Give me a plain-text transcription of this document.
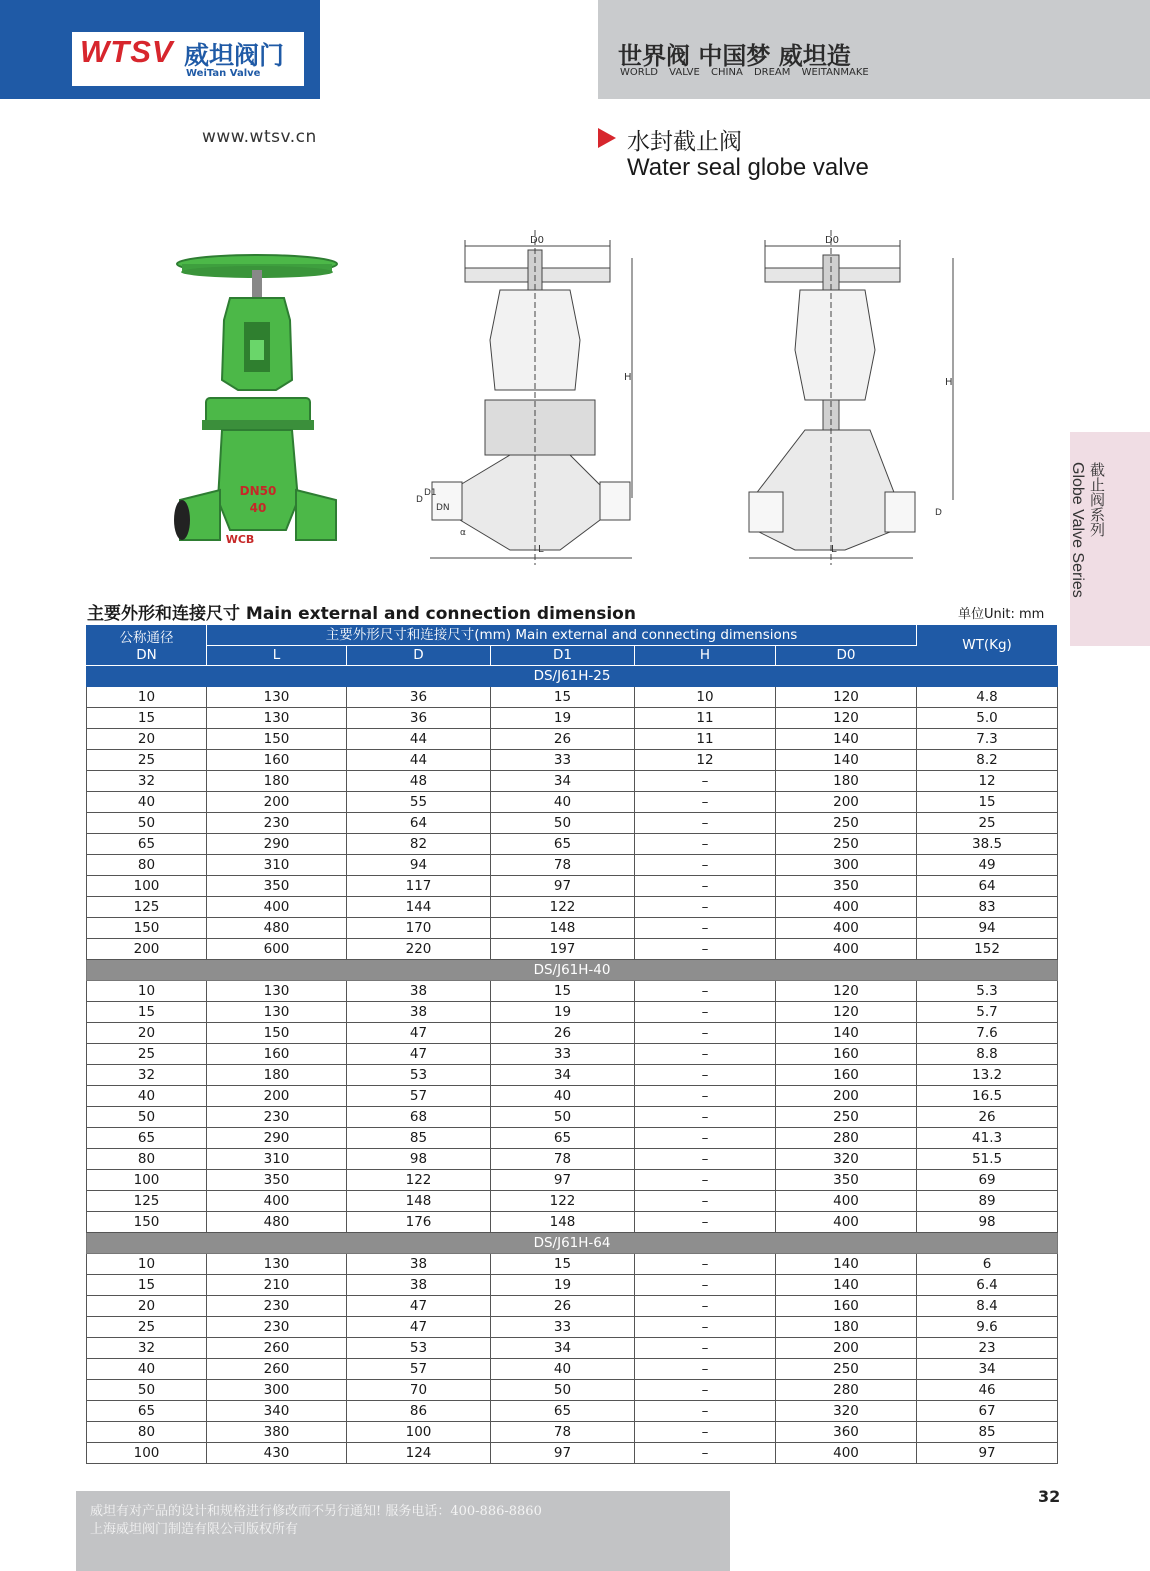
WTSV 威坦阀门
WeiTan Valve
世界阀 中国梦 威坦造
WORLD VALVE CHINA DREAM WEITANMAKE
www.wtsv.cn	水封截止阀
Water seal globe valve
截止阀系列
Globe Valve Series
DN50
40
WCB
D0
H
L
D
D1
DN
α
D0
H
L
D
主要外形和连接尺寸 Main external and connection dimension	单位Unit: mm
公称通径
DN	主要外形尺寸和连接尺寸(mm) Main external and connecting dimensions					WT(Kg)
	L	D	D1	H	D0	
DS/J61H-25						
10	130	36	15	10	120	4.8
15	130	36	19	11	120	5.0
20	150	44	26	11	140	7.3
25	160	44	33	12	140	8.2
32	180	48	34	–	180	12
40	200	55	40	–	200	15
50	230	64	50	–	250	25
65	290	82	65	–	250	38.5
80	310	94	78	–	300	49
100	350	117	97	–	350	64
125	400	144	122	–	400	83
150	480	170	148	–	400	94
200	600	220	197	–	400	152
DS/J61H-40						
10	130	38	15	–	120	5.3
15	130	38	19	–	120	5.7
20	150	47	26	–	140	7.6
25	160	47	33	–	160	8.8
32	180	53	34	–	160	13.2
40	200	57	40	–	200	16.5
50	230	68	50	–	250	26
65	290	85	65	–	280	41.3
80	310	98	78	–	320	51.5
100	350	122	97	–	350	69
125	400	148	122	–	400	89
150	480	176	148	–	400	98
DS/J61H-64						
10	130	38	15	–	140	6
15	210	38	19	–	140	6.4
20	230	47	26	–	160	8.4
25	230	47	33	–	180	9.6
32	260	53	34	–	200	23
40	260	57	40	–	250	34
50	300	70	50	–	280	46
65	340	86	65	–	320	67
80	380	100	78	–	360	85
100	430	124	97	–	400	97
32
威坦有对产品的设计和规格进行修改而不另行通知! 服务电话：400-886-8860
上海威坦阀门制造有限公司版权所有
